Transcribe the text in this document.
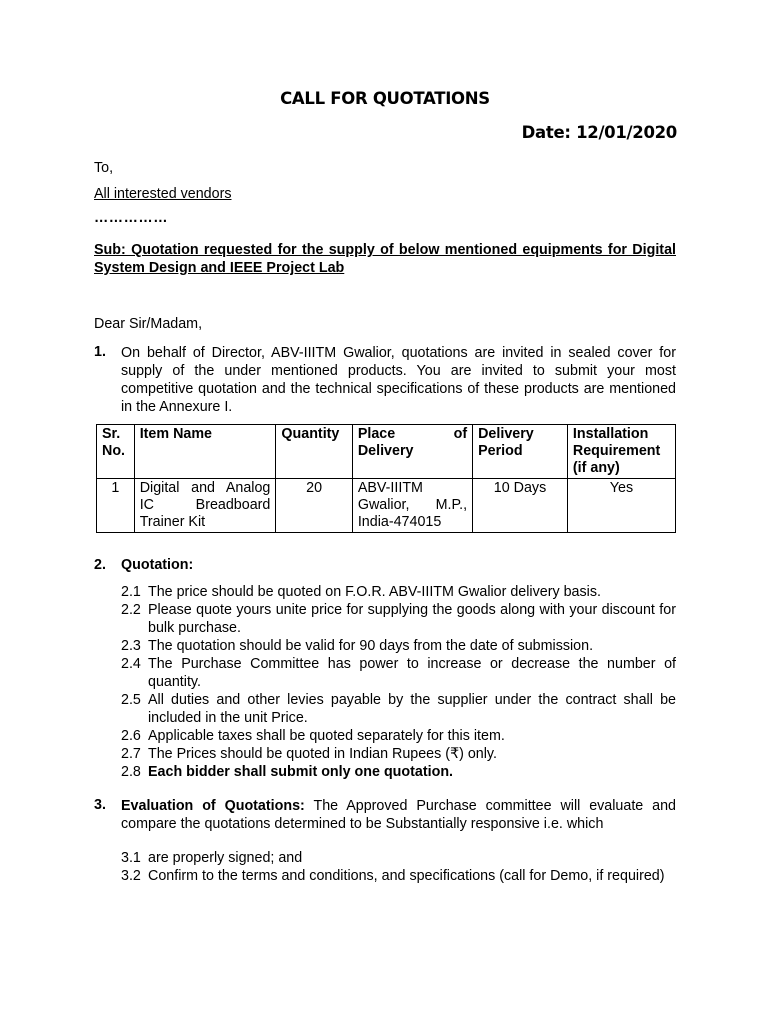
CALL FOR QUOTATIONS
Date: 12/01/2020
To,
All interested vendors
……………
Sub: Quotation requested for the supply of below mentioned equipments for Digital System Design and IEEE Project Lab
Dear Sir/Madam,
1. On behalf of Director, ABV-IIITM Gwalior, quotations are invited in sealed cover for supply of the under mentioned products. You are invited to submit your most competitive quotation and the technical specifications of these products are mentioned in the Annexure I.
Sr. No.	Item Name	Quantity	Place of Delivery	Delivery Period	Installation Requirement (if any)
1	Digital and Analog IC Breadboard Trainer Kit	20	ABV-IIITM Gwalior, M.P., India-474015	10 Days	Yes
2. Quotation:
2.1 The price should be quoted on F.O.R. ABV-IIITM Gwalior delivery basis.
2.2 Please quote yours unite price for supplying the goods along with your discount for bulk purchase.
2.3 The quotation should be valid for 90 days from the date of submission.
2.4 The Purchase Committee has power to increase or decrease the number of quantity.
2.5 All duties and other levies payable by the supplier under the contract shall be included in the unit Price.
2.6 Applicable taxes shall be quoted separately for this item.
2.7 The Prices should be quoted in Indian Rupees (₹) only.
2.8 Each bidder shall submit only one quotation.
3. Evaluation of Quotations: The Approved Purchase committee will evaluate and compare the quotations determined to be Substantially responsive i.e. which
3.1 are properly signed; and
3.2 Confirm to the terms and conditions, and specifications (call for Demo, if required)
